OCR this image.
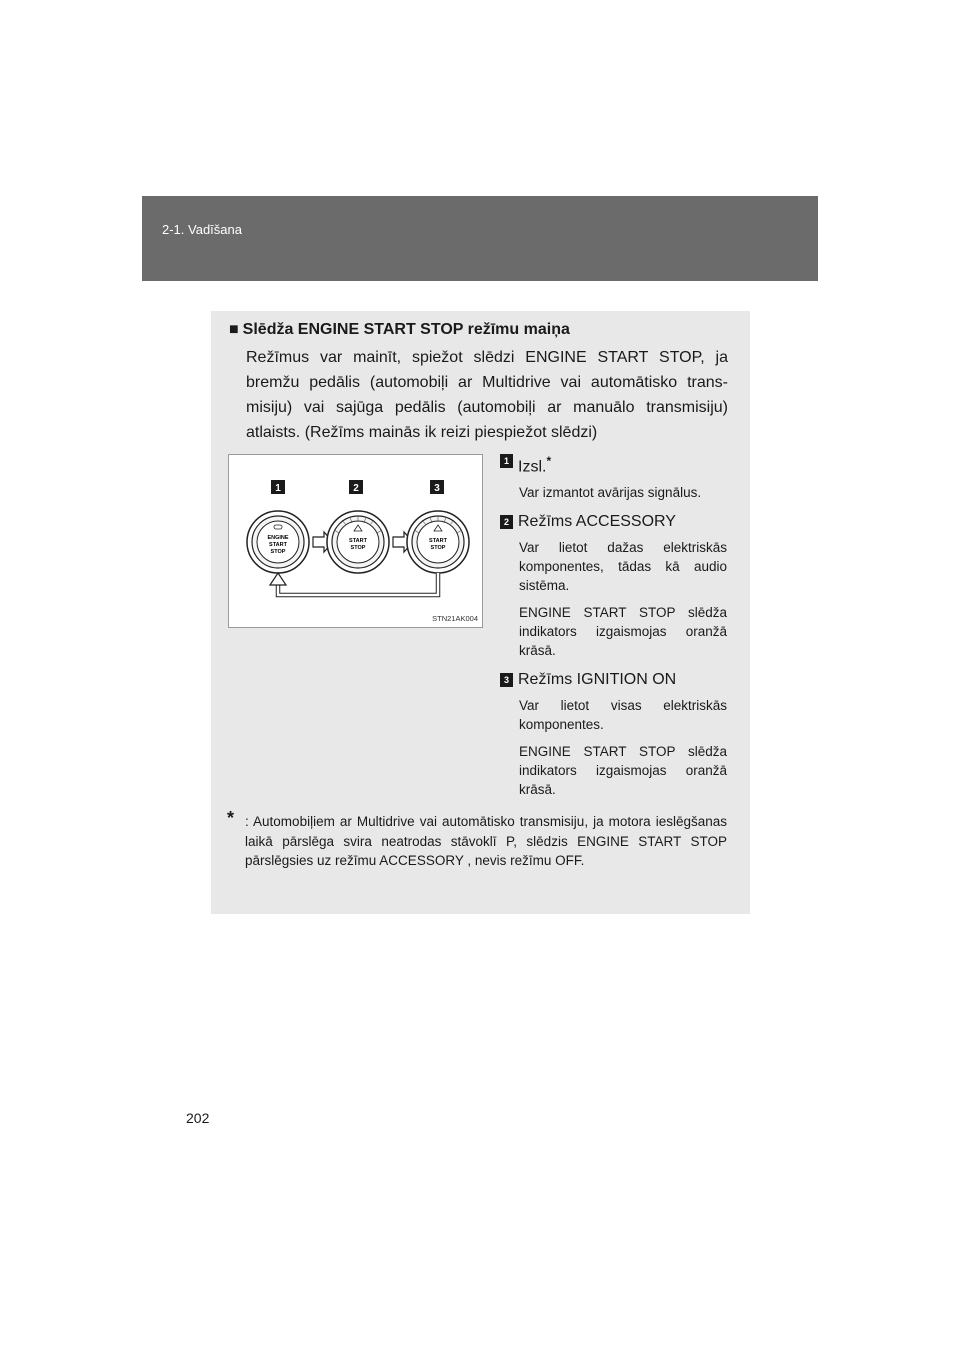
2-1. Vadīšana
■ Slēdža ENGINE START STOP režīmu maiņa
Režīmus var mainīt, spiežot slēdzi ENGINE START STOP, ja bremžu pedālis (automobiļi ar Multidrive vai automātisko trans-misiju) vai sajūga pedālis (automobiļi ar manuālo transmisiju) atlaists. (Režīms mainās ik reizi piespiežot slēdzi)
1	2	3
ENGINE
START
STOP
START
STOP
START
STOP
STN21AK004
1 Izsl.*

Var izmantot avārijas signālus.

2 Režīms ACCESSORY

Var lietot dažas elektriskās komponentes, tādas kā audio sistēma.

ENGINE START STOP slēdža indikators izgaismojas oranžā krāsā.

3 Režīms IGNITION ON

Var lietot visas elektriskās komponentes.

ENGINE START STOP slēdža indikators izgaismojas oranžā krāsā.

* : Automobiļiem ar Multidrive vai automātisko transmisiju, ja motora ieslēgšanas laikā pārslēga svira neatrodas stāvoklī P, slēdzis ENGINE START STOP pārslēgsies uz režīmu ACCESSORY , nevis režīmu OFF.
202
